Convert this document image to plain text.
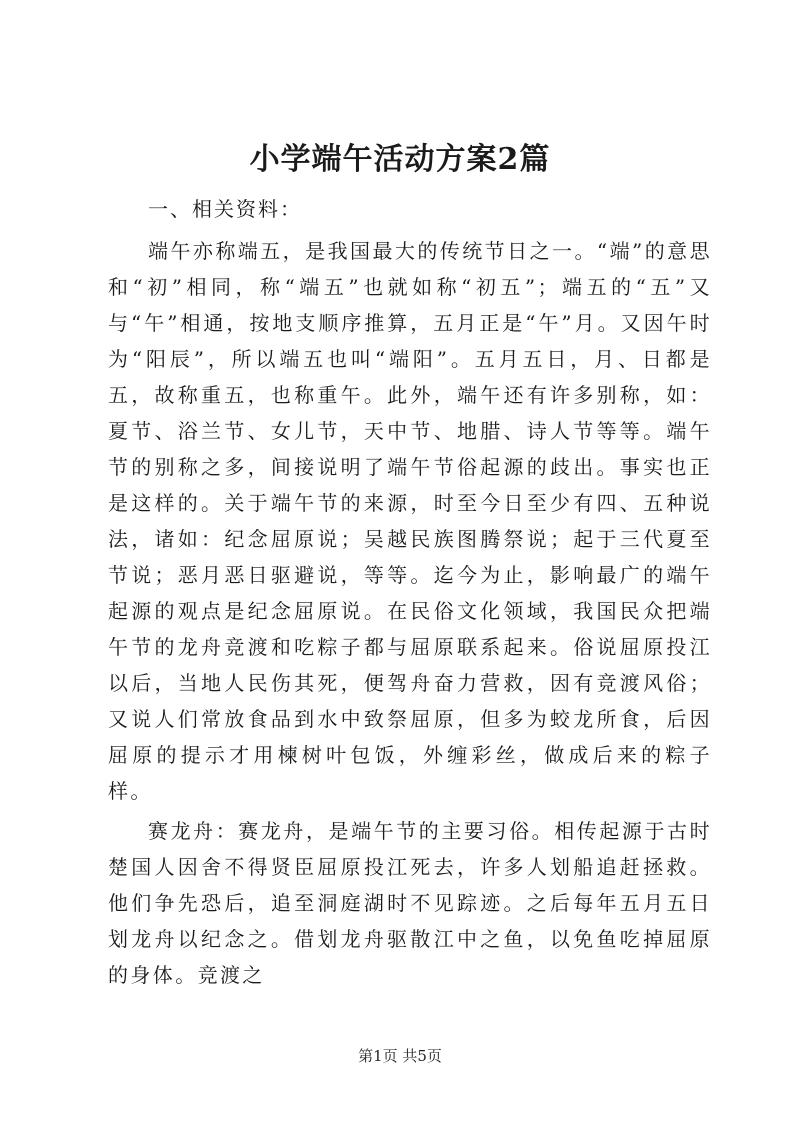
小学端午活动方案2篇

一、相关资料：

端午亦称端五，是我国最大的传统节日之一。“端”的意思和“初”相同，称“端五”也就如称“初五”；端五的“五”又与“午”相通，按地支顺序推算，五月正是“午”月。又因午时为“阳辰”，所以端五也叫“端阳”。五月五日，月、日都是五，故称重五，也称重午。此外，端午还有许多别称，如：夏节、浴兰节、女儿节，天中节、地腊、诗人节等等。端午节的别称之多，间接说明了端午节俗起源的歧出。事实也正是这样的。关于端午节的来源，时至今日至少有四、五种说法，诸如：纪念屈原说；吴越民族图腾祭说；起于三代夏至节说；恶月恶日驱避说，等等。迄今为止，影响最广的端午起源的观点是纪念屈原说。在民俗文化领域，我国民众把端午节的龙舟竞渡和吃粽子都与屈原联系起来。俗说屈原投江以后，当地人民伤其死，便驾舟奋力营救，因有竞渡风俗；又说人们常放食品到水中致祭屈原，但多为蛟龙所食，后因屈原的提示才用楝树叶包饭，外缠彩丝，做成后来的粽子样。

赛龙舟：赛龙舟，是端午节的主要习俗。相传起源于古时楚国人因舍不得贤臣屈原投江死去，许多人划船追赶拯救。他们争先恐后，追至洞庭湖时不见踪迹。之后每年五月五日划龙舟以纪念之。借划龙舟驱散江中之鱼，以免鱼吃掉屈原的身体。竞渡之

第1页 共5页
